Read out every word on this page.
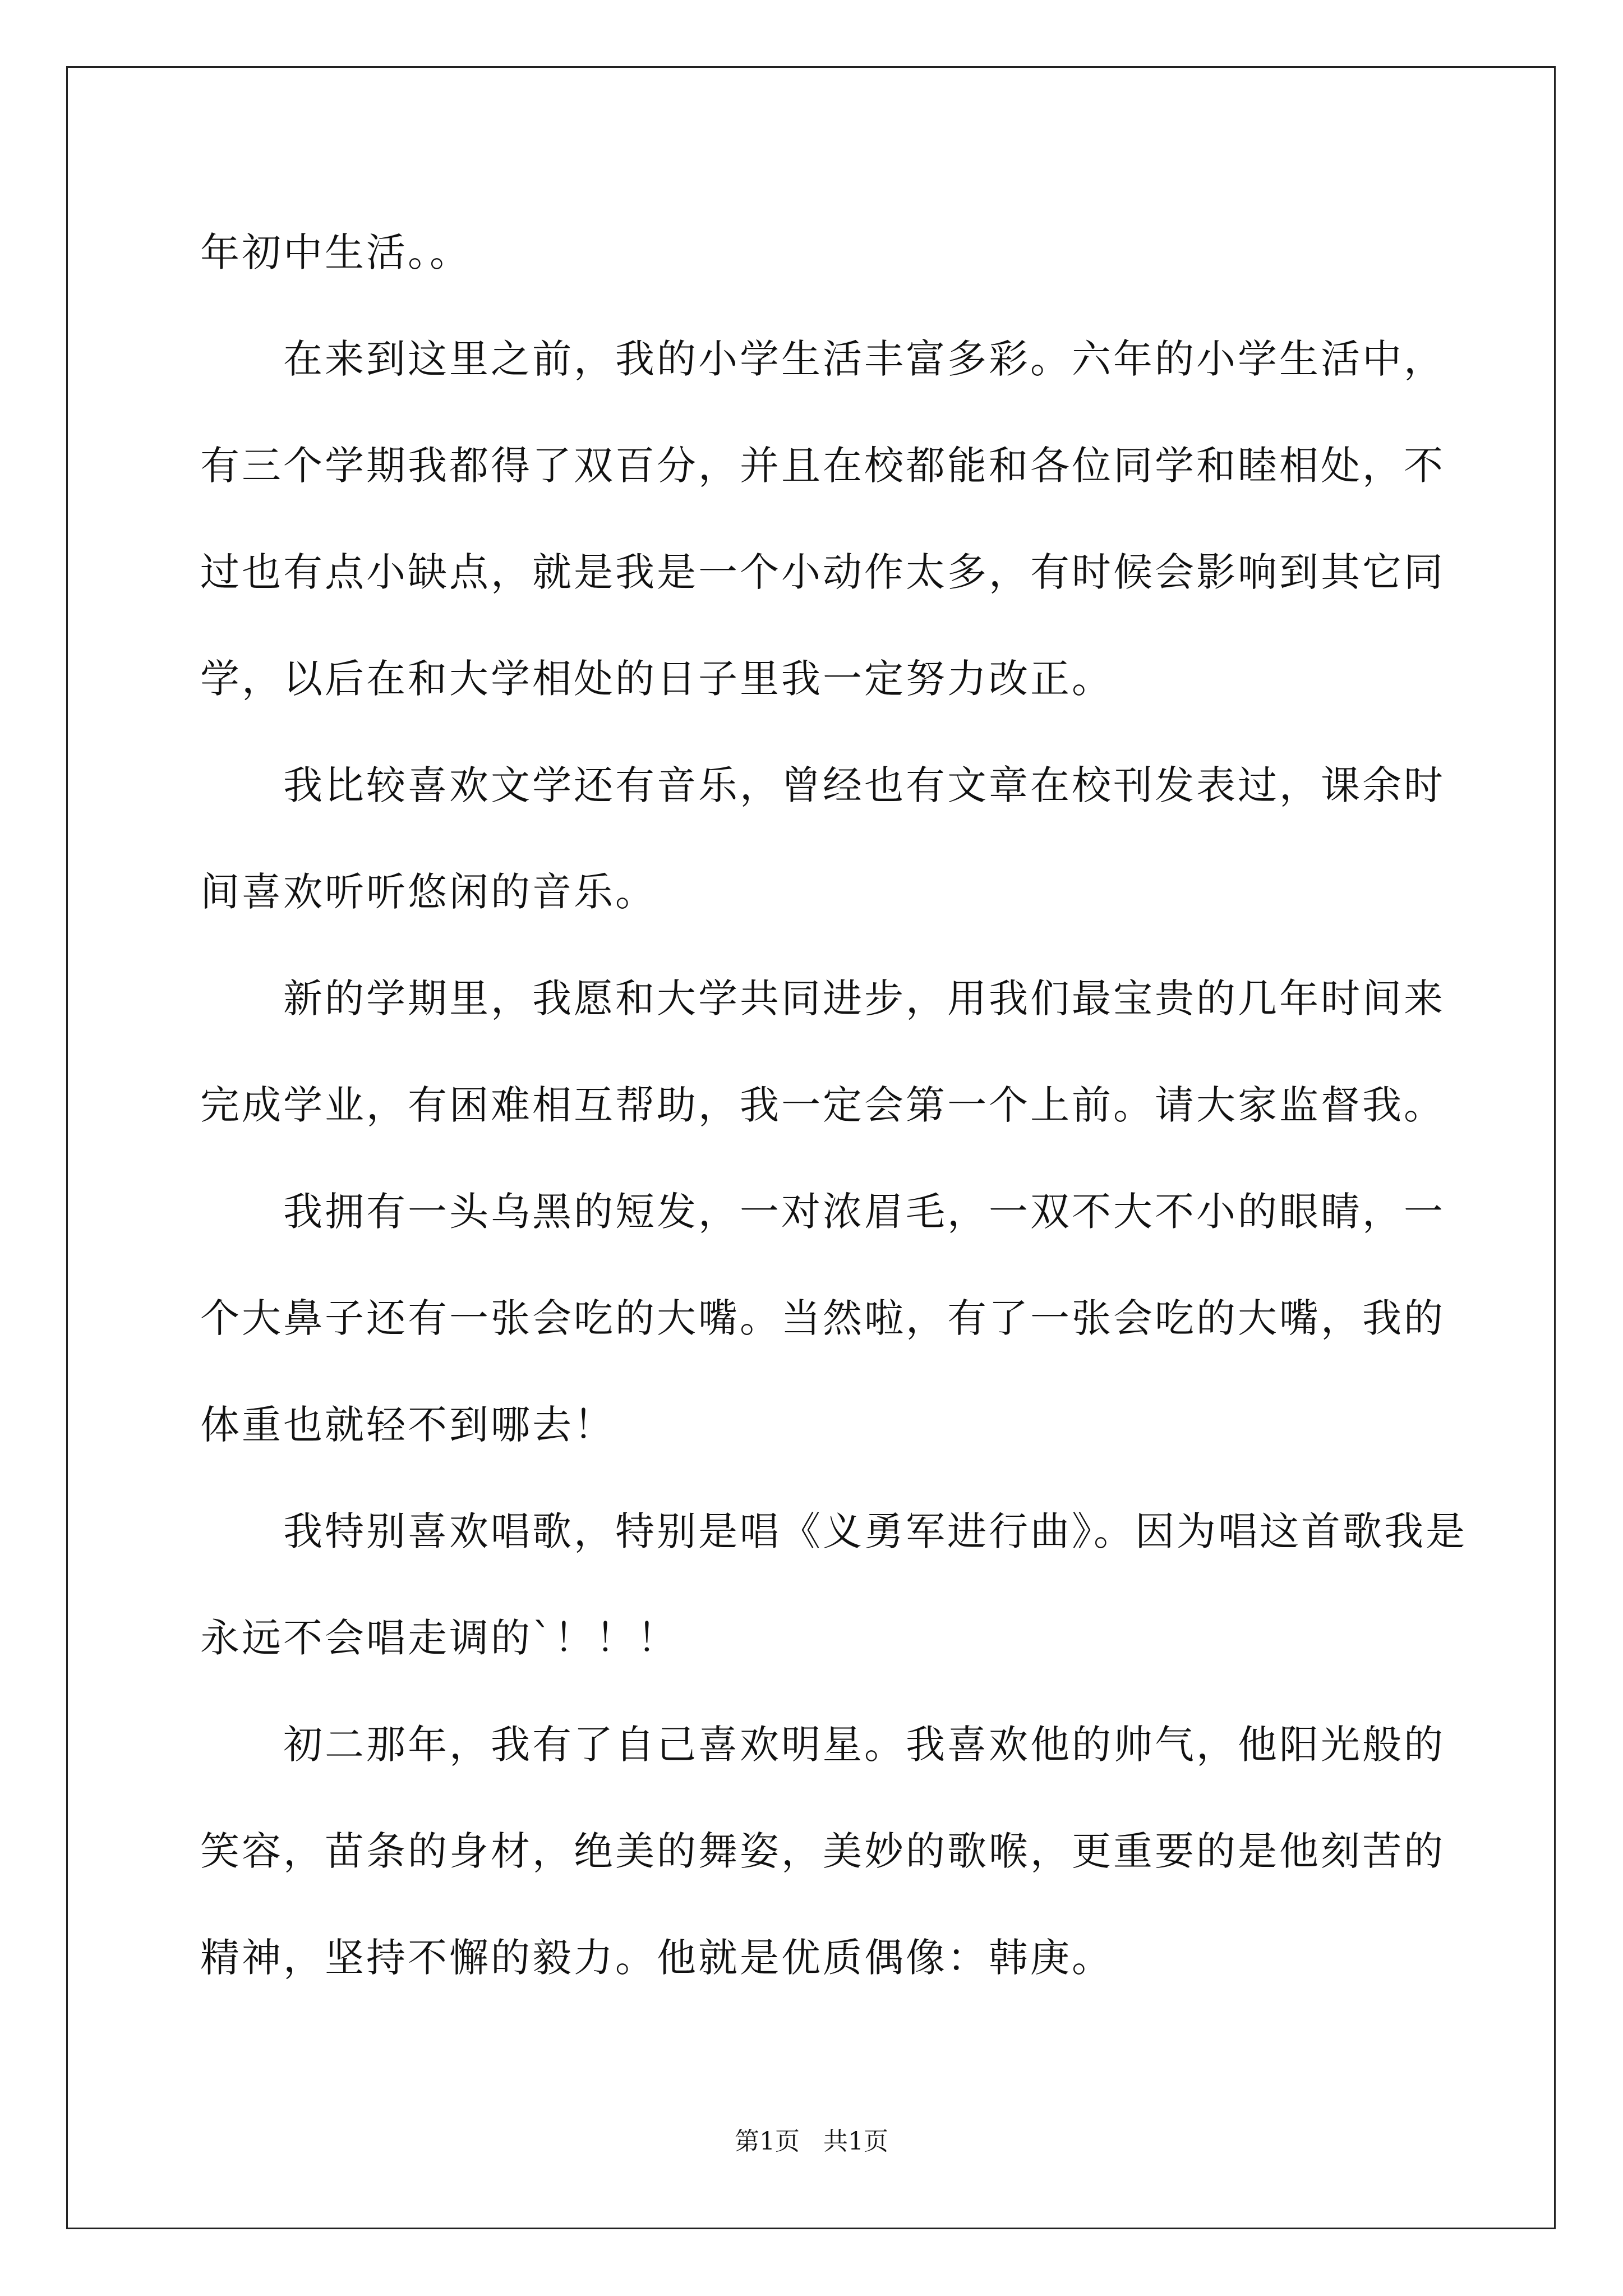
年初中生活。。
在来到这里之前，我的小学生活丰富多彩。六年的小学生活中，
有三个学期我都得了双百分，并且在校都能和各位同学和睦相处，不
过也有点小缺点，就是我是一个小动作太多，有时候会影响到其它同
学，以后在和大学相处的日子里我一定努力改正。
我比较喜欢文学还有音乐，曾经也有文章在校刊发表过，课余时
间喜欢听听悠闲的音乐。
新的学期里，我愿和大学共同进步，用我们最宝贵的几年时间来
完成学业，有困难相互帮助，我一定会第一个上前。请大家监督我。
我拥有一头乌黑的短发，一对浓眉毛，一双不大不小的眼睛，一
个大鼻子还有一张会吃的大嘴。当然啦，有了一张会吃的大嘴，我的
体重也就轻不到哪去！
我特别喜欢唱歌，特别是唱《义勇军进行曲》。因为唱这首歌我是
永远不会唱走调的`！！！
初二那年，我有了自己喜欢明星。我喜欢他的帅气，他阳光般的
笑容，苗条的身材，绝美的舞姿，美妙的歌喉，更重要的是他刻苦的
精神，坚持不懈的毅力。他就是优质偶像：韩庚。
第1页 共1页
